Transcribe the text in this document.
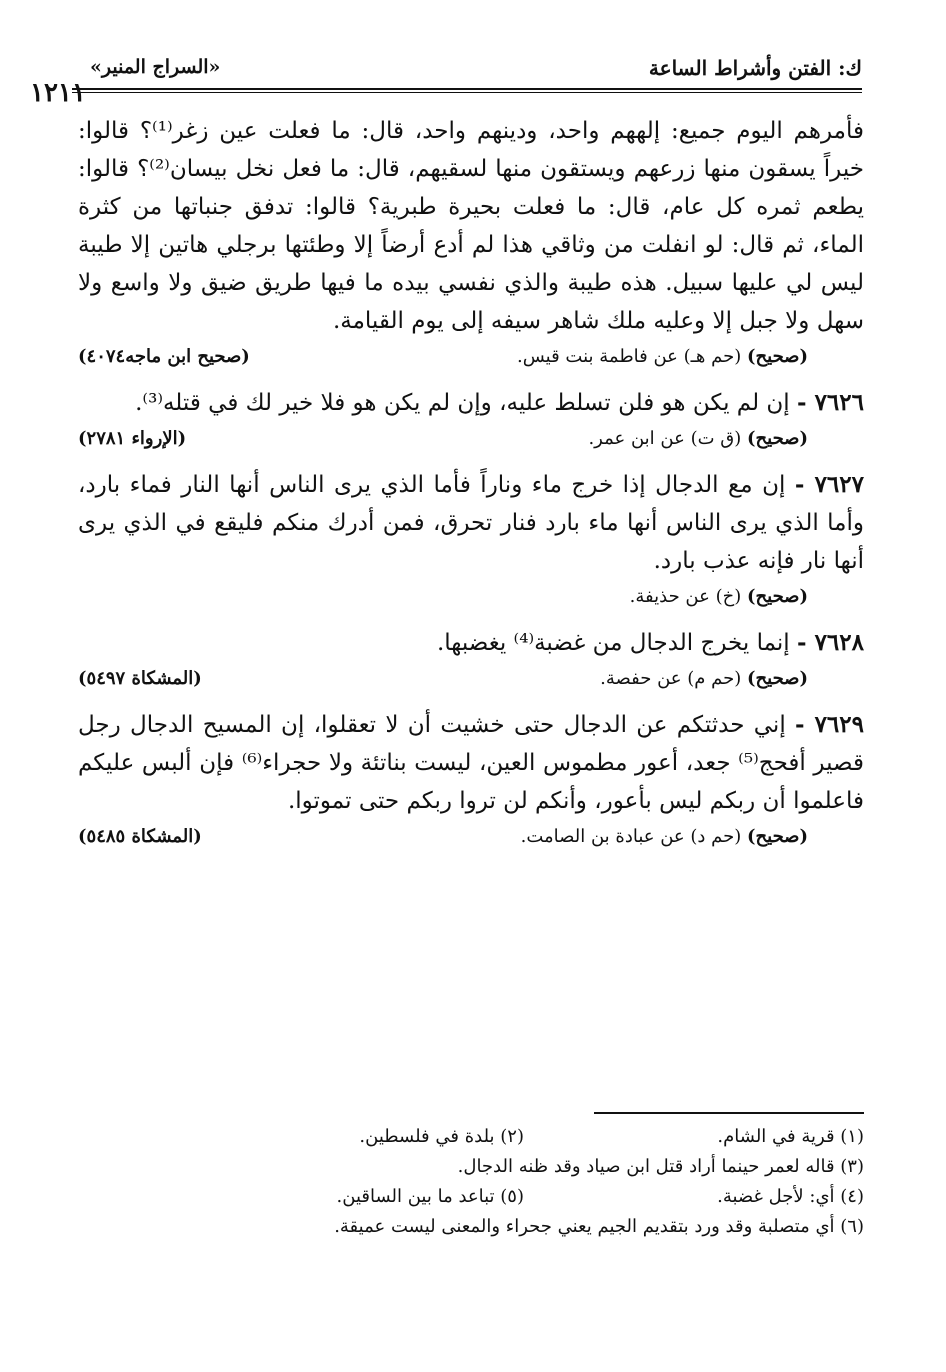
ك: الفتن وأشراط الساعة
«السراج المنير»
١٢١١

فأمرهم اليوم جميع: إلههم واحد، ودينهم واحد، قال: ما فعلت عين زغر⁽¹⁾؟ قالوا: خيراً يسقون منها زرعهم ويستقون منها لسقيهم، قال: ما فعل نخل بيسان⁽²⁾؟ قالوا: يطعم ثمره كل عام، قال: ما فعلت بحيرة طبرية؟ قالوا: تدفق جنباتها من كثرة الماء، ثم قال: لو انفلت من وثاقي هذا لم أدع أرضاً إلا وطئتها برجلي هاتين إلا طيبة ليس لي عليها سبيل. هذه طيبة والذي نفسي بيده ما فيها طريق ضيق ولا واسع ولا سهل ولا جبل إلا وعليه ملك شاهر سيفه إلى يوم القيامة.

(صحيح) (حم هـ) عن فاطمة بنت قيس.
(صحيح ابن ماجه٤٠٧٤)

٧٦٢٦ - إن لم يكن هو فلن تسلط عليه، وإن لم يكن هو فلا خير لك في قتله⁽³⁾.

(صحيح) (ق ت) عن ابن عمر.
(الإرواء ٢٧٨١)

٧٦٢٧ - إن مع الدجال إذا خرج ماء وناراً فأما الذي يرى الناس أنها النار فماء بارد، وأما الذي يرى الناس أنها ماء بارد فنار تحرق، فمن أدرك منكم فليقع في الذي يرى أنها نار فإنه عذب بارد.

(صحيح) (خ) عن حذيفة.

٧٦٢٨ - إنما يخرج الدجال من غضبة⁽⁴⁾ يغضبها.

(صحيح) (حم م) عن حفصة.
(المشكاة ٥٤٩٧)

٧٦٢٩ - إني حدثتكم عن الدجال حتى خشيت أن لا تعقلوا، إن المسيح الدجال رجل قصير أفحج⁽⁵⁾ جعد، أعور مطموس العين، ليست بناتئة ولا حجراء⁽⁶⁾ فإن ألبس عليكم فاعلموا أن ربكم ليس بأعور، وأنكم لن تروا ربكم حتى تموتوا.

(صحيح) (حم د) عن عبادة بن الصامت.
(المشكاة ٥٤٨٥)
(١) قرية في الشام.
(٢) بلدة في فلسطين.
(٣) قاله لعمر حينما أراد قتل ابن صياد وقد ظنه الدجال.
(٤) أي: لأجل غضبة.
(٥) تباعد ما بين الساقين.
(٦) أي متصلبة وقد ورد بتقديم الجيم يعني جحراء والمعنى ليست عميقة.
